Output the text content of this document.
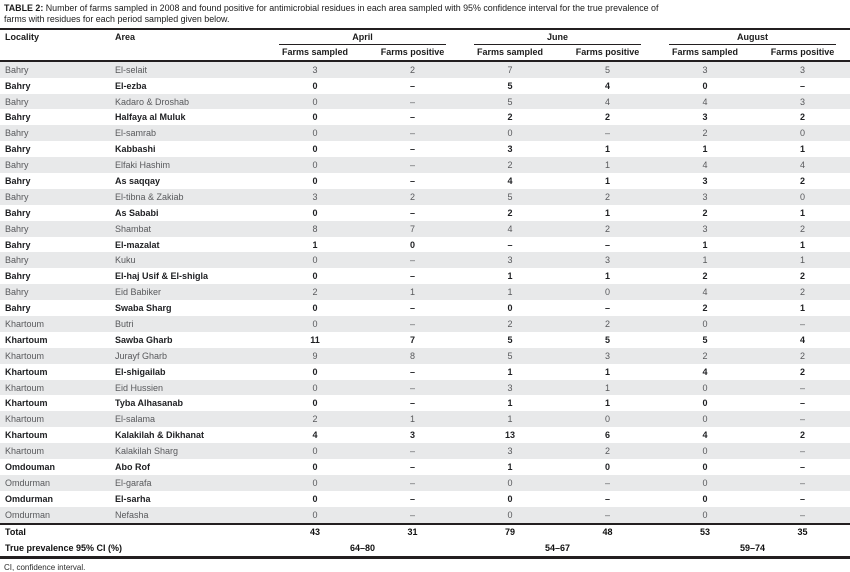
TABLE 2: Number of farms sampled in 2008 and found positive for antimicrobial residues in each area sampled with 95% confidence interval for the true prevalence of
farms with residues for each period sampled given below.
Locality	Area	April		June		August	

		Farms sampled	Farms positive	Farms sampled	Farms positive	Farms sampled	Farms positive
Bahry	El-selait	3	2	7	5	3	3
Bahry	El-ezba	0	–	5	4	0	–
Bahry	Kadaro & Droshab	0	–	5	4	4	3
Bahry	Halfaya al Muluk	0	–	2	2	3	2
Bahry	El-samrab	0	–	0	–	2	0
Bahry	Kabbashi	0	–	3	1	1	1
Bahry	Elfaki Hashim	0	–	2	1	4	4
Bahry	As saqqay	0	–	4	1	3	2
Bahry	El-tibna & Zakiab	3	2	5	2	3	0
Bahry	As Sababi	0	–	2	1	2	1
Bahry	Shambat	8	7	4	2	3	2
Bahry	El-mazalat	1	0	–	–	1	1
Bahry	Kuku	0	–	3	3	1	1
Bahry	El-haj Usif & El-shigla	0	–	1	1	2	2
Bahry	Eid Babiker	2	1	1	0	4	2
Bahry	Swaba Sharg	0	–	0	–	2	1
Khartoum	Butri	0	–	2	2	0	–
Khartoum	Sawba Gharb	11	7	5	5	5	4
Khartoum	Jurayf Gharb	9	8	5	3	2	2
Khartoum	El-shigailab	0	–	1	1	4	2
Khartoum	Eid Hussien	0	–	3	1	0	–
Khartoum	Tyba Alhasanab	0	–	1	1	0	–
Khartoum	El-salama	2	1	1	0	0	–
Khartoum	Kalakilah & Dikhanat	4	3	13	6	4	2
Khartoum	Kalakilah Sharg	0	–	3	2	0	–
Omdouman	Abo Rof	0	–	1	0	0	–
Omdurman	El-garafa	0	–	0	–	0	–
Omdurman	El-sarha	0	–	0	–	0	–
Omdurman	Nefasha	0	–	0	–	0	–
Total		43	31	79	48	53	35
True prevalence 95% CI (%)		64–80		54–67		59–74	
CI, confidence interval.
